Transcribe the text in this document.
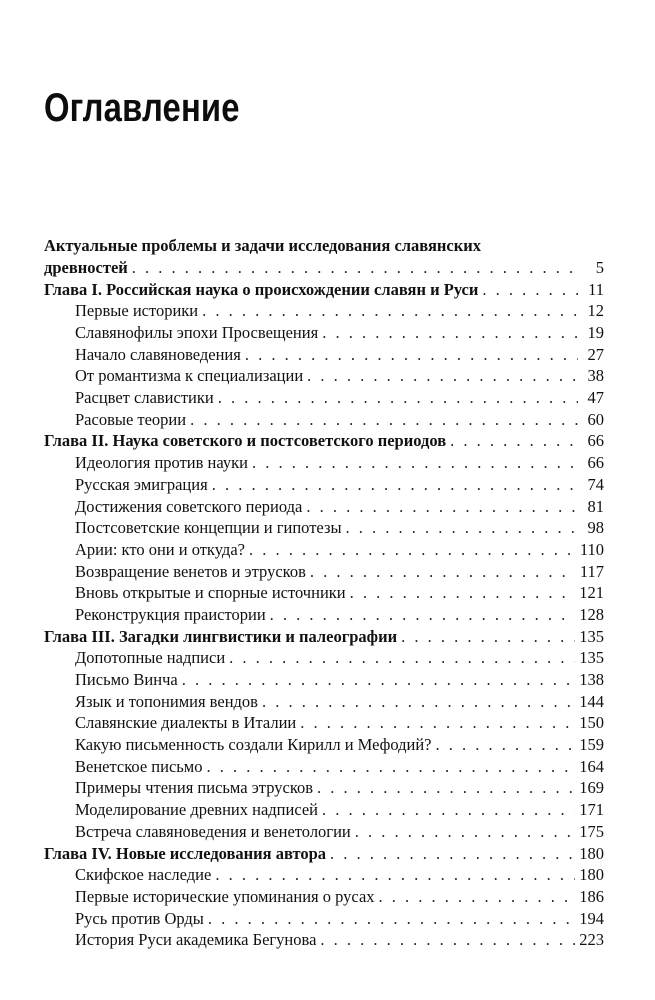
Оглавление
Актуальные проблемы и задачи исследования славянских
древностей . . .	5
Глава I. Российская наука о происхождении славян и Руси . . .	11
Первые историки . . .	12
Славянофилы эпохи Просвещения . . .	19
Начало славяноведения . . .	27
От романтизма к специализации . . .	38
Расцвет славистики . . .	47
Расовые теории . . .	60
Глава II. Наука советского и постсоветского периодов . . .	66
Идеология против науки . . .	66
Русская эмиграция . . .	74
Достижения советского периода . . .	81
Постсоветские концепции и гипотезы . . .	98
Арии: кто они и откуда? . . .	110
Возвращение венетов и этрусков . . .	117
Вновь открытые и спорные источники . . .	121
Реконструкция праистории . . .	128
Глава III. Загадки лингвистики и палеографии . . .	135
Допотопные надписи . . .	135
Письмо Винча . . .	138
Язык и топонимия вендов . . .	144
Славянские диалекты в Италии . . .	150
Какую письменность создали Кирилл и Мефодий? . . .	159
Венетское письмо . . .	164
Примеры чтения письма этрусков . . .	169
Моделирование древних надписей . . .	171
Встреча славяноведения и венетологии . . .	175
Глава IV. Новые исследования автора . . .	180
Скифское наследие . . .	180
Первые исторические упоминания о русах . . .	186
Русь против Орды . . .	194
История Руси академика Бегунова . . .	223
